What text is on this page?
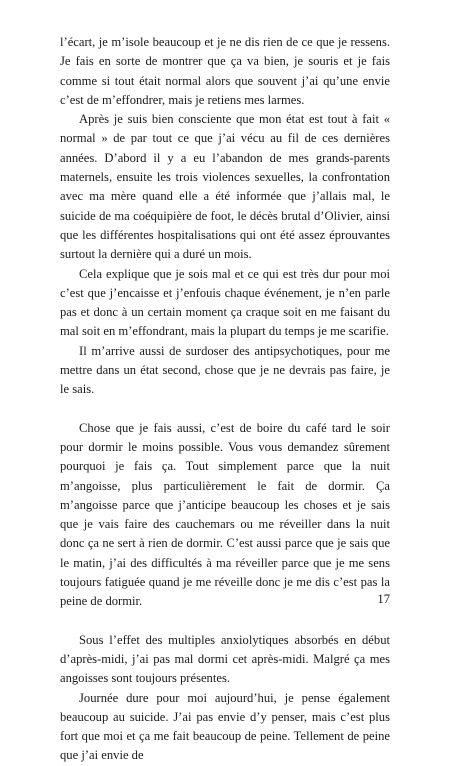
l’écart, je m’isole beaucoup et je ne dis rien de ce que je ressens. Je fais en sorte de montrer que ça va bien, je souris et je fais comme si tout était normal alors que souvent j’ai qu’une envie c’est de m’effondrer, mais je retiens mes larmes.

Après je suis bien consciente que mon état est tout à fait « normal » de par tout ce que j’ai vécu au fil de ces dernières années. D’abord il y a eu l’abandon de mes grands-parents maternels, ensuite les trois violences sexuelles, la confrontation avec ma mère quand elle a été informée que j’allais mal, le suicide de ma coéquipière de foot, le décès brutal d’Olivier, ainsi que les différentes hospitalisations qui ont été assez éprouvantes surtout la dernière qui a duré un mois.

Cela explique que je sois mal et ce qui est très dur pour moi c’est que j’encaisse et j’enfouis chaque événement, je n’en parle pas et donc à un certain moment ça craque soit en me faisant du mal soit en m’effondrant, mais la plupart du temps je me scarifie.

Il m’arrive aussi de surdoser des antipsychotiques, pour me mettre dans un état second, chose que je ne devrais pas faire, je le sais.

Chose que je fais aussi, c’est de boire du café tard le soir pour dormir le moins possible. Vous vous demandez sûrement pourquoi je fais ça. Tout simplement parce que la nuit m’angoisse, plus particulièrement le fait de dormir. Ça m’angoisse parce que j’anticipe beaucoup les choses et je sais que je vais faire des cauchemars ou me réveiller dans la nuit donc ça ne sert à rien de dormir. C’est aussi parce que je sais que le matin, j’ai des difficultés à ma réveiller parce que je me sens toujours fatiguée quand je me réveille donc je me dis c’est pas la peine de dormir.

Sous l’effet des multiples anxiolytiques absorbés en début d’après-midi, j’ai pas mal dormi cet après-midi. Malgré ça mes angoisses sont toujours présentes.

Journée dure pour moi aujourd’hui, je pense également beaucoup au suicide. J’ai pas envie d’y penser, mais c’est plus fort que moi et ça me fait beaucoup de peine. Tellement de peine que j’ai envie de

17
